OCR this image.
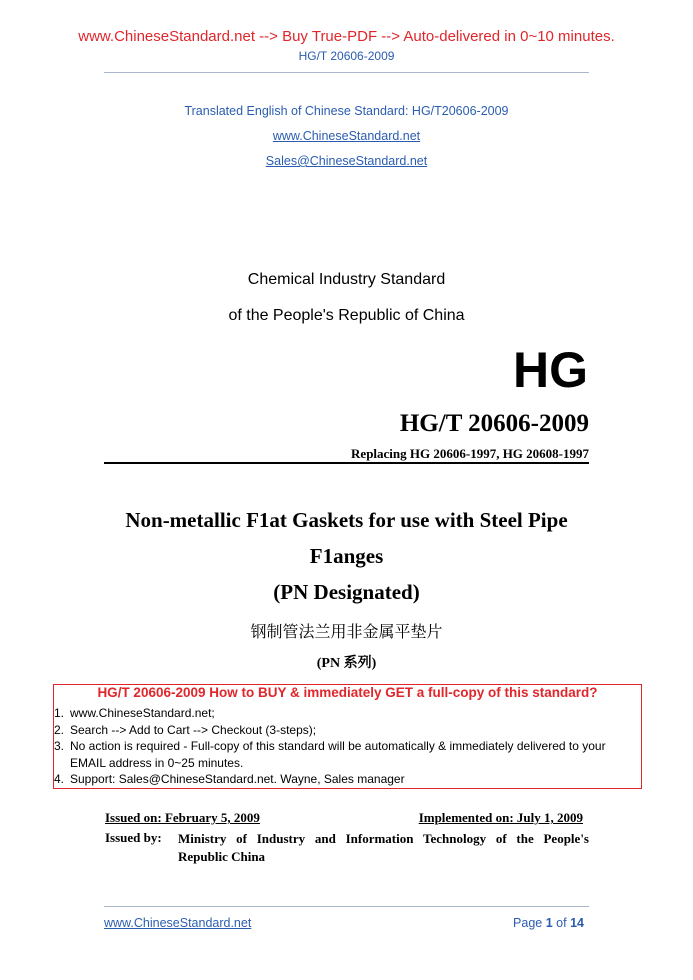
www.ChineseStandard.net --> Buy True-PDF --> Auto-delivered in 0~10 minutes.
HG/T 20606-2009
Translated English of Chinese Standard: HG/T20606-2009
www.ChineseStandard.net
Sales@ChineseStandard.net
Chemical Industry Standard
of the People's Republic of China
HG
HG/T 20606-2009
Replacing HG 20606-1997, HG 20608-1997
Non-metallic F1at Gaskets for use with Steel Pipe
F1anges
(PN Designated)
钢制管法兰用非金属平垫片
(PN 系列)
HG/T 20606-2009 How to BUY & immediately GET a full-copy of this standard?
1. www.ChineseStandard.net;
2. Search --> Add to Cart --> Checkout (3-steps);
3. No action is required - Full-copy of this standard will be automatically & immediately delivered to your EMAIL address in 0~25 minutes.
4. Support: Sales@ChineseStandard.net. Wayne, Sales manager
Issued on: February 5, 2009	Implemented on: July 1, 2009
Issued by: Ministry of Industry and Information Technology of the People's Republic China
www.ChineseStandard.net	Page 1 of 14
